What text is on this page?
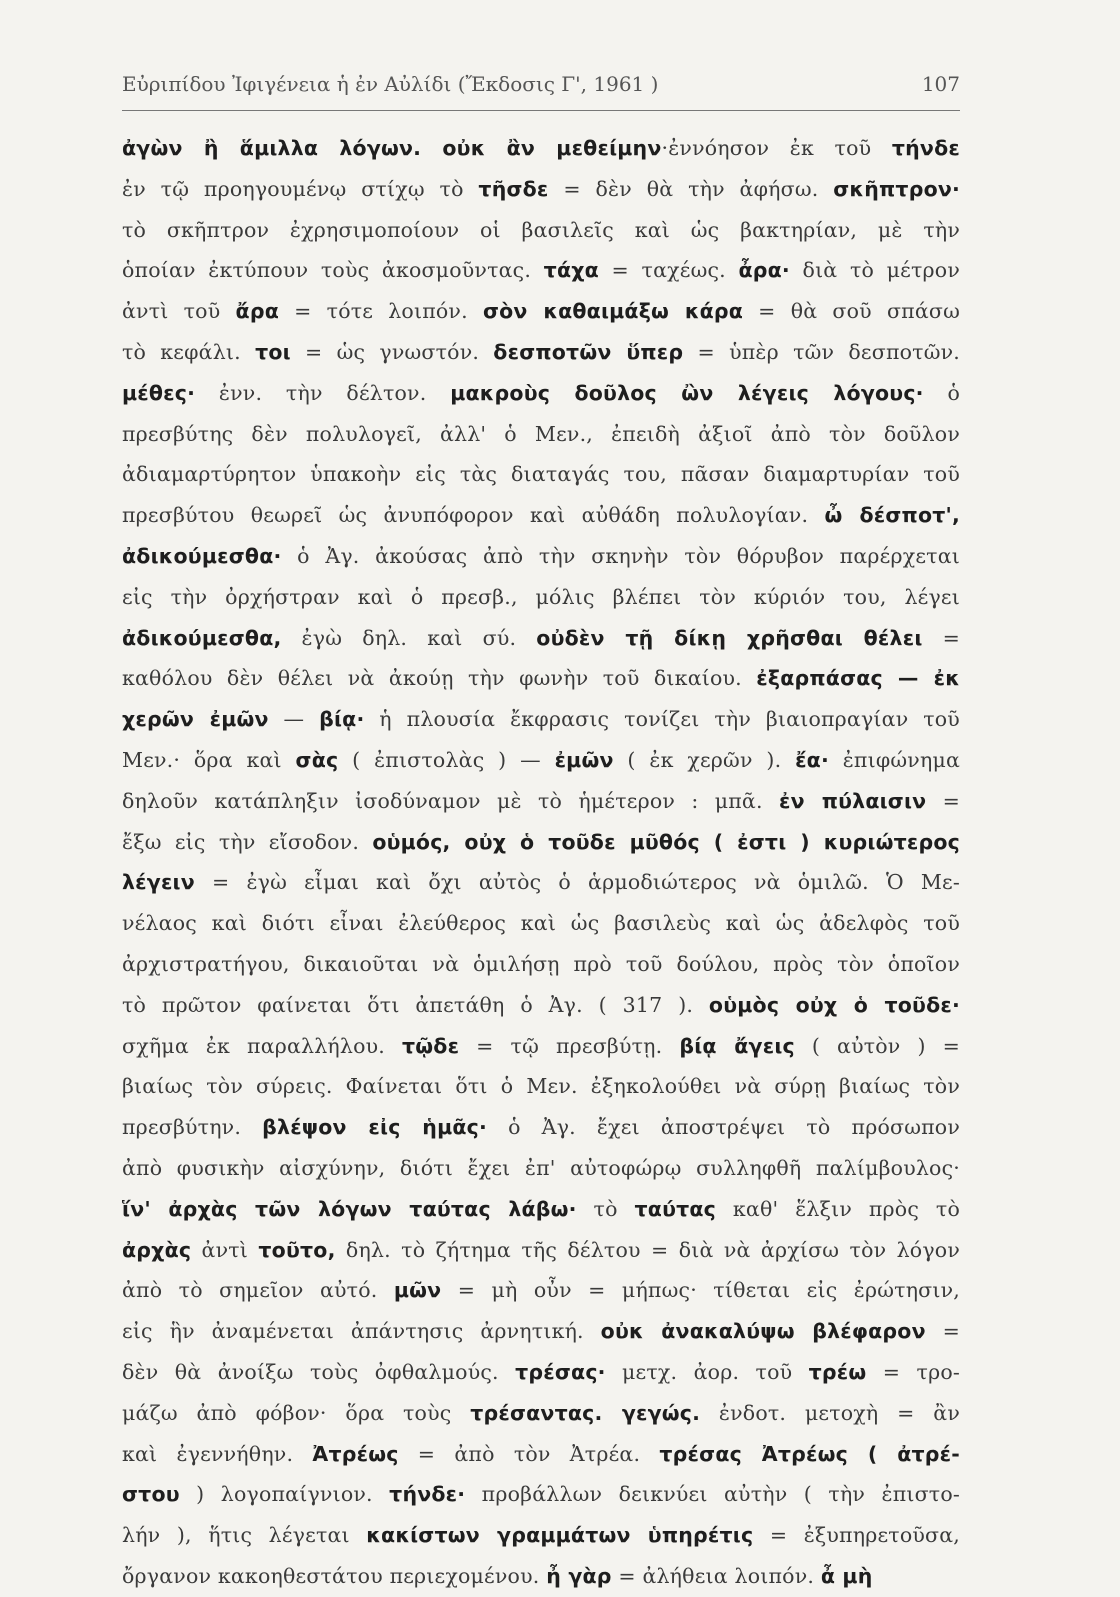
Εὐριπίδου Ἰφιγένεια ἡ ἐν Αὐλίδι (Ἔκδοσις Γ', 1961 )	107
ἀγὼν ἢ ἅμιλλα λόγων. οὐκ ἂν μεθείμην·ἐννόησον ἐκ τοῦ τήνδε
ἐν τῷ προηγουμένῳ στίχῳ τὸ τῆσδε = δὲν θὰ τὴν ἀφήσω. σκῆπτρον·
τὸ σκῆπτρον ἐχρησιμοποίουν οἱ βασιλεῖς καὶ ὡς βακτηρίαν, μὲ τὴν
ὁποίαν ἐκτύπουν τοὺς ἀκοσμοῦντας. τάχα = ταχέως. ἆρα· διὰ τὸ μέτρον
ἀντὶ τοῦ ἄρα = τότε λοιπόν. σὸν καθαιμάξω κάρα = θὰ σοῦ σπάσω
τὸ κεφάλι. τοι = ὡς γνωστόν. δεσποτῶν ὕπερ = ὑπὲρ τῶν δεσποτῶν.
μέθες· ἐνν. τὴν δέλτον. μακροὺς δοῦλος ὢν λέγεις λόγους· ὁ
πρεσβύτης δὲν πολυλογεῖ, ἀλλ' ὁ Μεν., ἐπειδὴ ἀξιοῖ ἀπὸ τὸν δοῦλον
ἀδιαμαρτύρητον ὑπακοὴν εἰς τὰς διαταγάς του, πᾶσαν διαμαρτυρίαν τοῦ
πρεσβύτου θεωρεῖ ὡς ἀνυπόφορον καὶ αὐθάδη πολυλογίαν. ὦ δέσποτ',
ἀδικούμεσθα· ὁ Ἀγ. ἀκούσας ἀπὸ τὴν σκηνὴν τὸν θόρυβον παρέρχεται
εἰς τὴν ὀρχήστραν καὶ ὁ πρεσβ., μόλις βλέπει τὸν κύριόν του, λέγει
ἀδικούμεσθα, ἐγὼ δηλ. καὶ σύ. οὐδὲν τῇ δίκῃ χρῆσθαι θέλει =
καθόλου δὲν θέλει νὰ ἀκούῃ τὴν φωνὴν τοῦ δικαίου. ἐξαρπάσας — ἐκ
χερῶν ἐμῶν — βίᾳ· ἡ πλουσία ἔκφρασις τονίζει τὴν βιαιοπραγίαν τοῦ
Μεν.· ὅρα καὶ σὰς ( ἐπιστολὰς ) — ἐμῶν ( ἐκ χερῶν ). ἔα· ἐπιφώνημα
δηλοῦν κατάπληξιν ἰσοδύναμον μὲ τὸ ἡμέτερον : μπᾶ. ἐν πύλαισιν =
ἔξω εἰς τὴν εἴσοδον. οὑμός, οὐχ ὁ τοῦδε μῦθός ( ἐστι ) κυριώτερος
λέγειν = ἐγὼ εἶμαι καὶ ὄχι αὐτὸς ὁ ἁρμοδιώτερος νὰ ὁμιλῶ. Ὁ Με-
νέλαος καὶ διότι εἶναι ἐλεύθερος καὶ ὡς βασιλεὺς καὶ ὡς ἀδελφὸς τοῦ
ἀρχιστρατήγου, δικαιοῦται νὰ ὁμιλήσῃ πρὸ τοῦ δούλου, πρὸς τὸν ὁποῖον
τὸ πρῶτον φαίνεται ὅτι ἀπετάθη ὁ Ἀγ. ( 317 ). οὑμὸς οὐχ ὁ τοῦδε·
σχῆμα ἐκ παραλλήλου. τῷδε = τῷ πρεσβύτῃ. βίᾳ ἄγεις ( αὐτὸν ) =
βιαίως τὸν σύρεις. Φαίνεται ὅτι ὁ Μεν. ἐξηκολούθει νὰ σύρῃ βιαίως τὸν
πρεσβύτην. βλέψον εἰς ἡμᾶς· ὁ Ἀγ. ἔχει ἀποστρέψει τὸ πρόσωπον
ἀπὸ φυσικὴν αἰσχύνην, διότι ἔχει ἐπ' αὐτοφώρῳ συλληφθῆ παλίμβουλος·
ἵν' ἀρχὰς τῶν λόγων ταύτας λάβω· τὸ ταύτας καθ' ἕλξιν πρὸς τὸ
ἀρχὰς ἀντὶ τοῦτο, δηλ. τὸ ζήτημα τῆς δέλτου = διὰ νὰ ἀρχίσω τὸν λόγον
ἀπὸ τὸ σημεῖον αὐτό. μῶν = μὴ οὖν = μήπως· τίθεται εἰς ἐρώτησιν,
εἰς ἣν ἀναμένεται ἀπάντησις ἀρνητική. οὐκ ἀνακαλύψω βλέφαρον =
δὲν θὰ ἀνοίξω τοὺς ὀφθαλμούς. τρέσας· μετχ. ἀορ. τοῦ τρέω = τρο-
μάζω ἀπὸ φόβον· ὅρα τοὺς τρέσαντας. γεγώς. ἐνδοτ. μετοχὴ = ἂν
καὶ ἐγεννήθην. Ἀτρέως = ἀπὸ τὸν Ἀτρέα. τρέσας Ἀτρέως ( ἀτρέ-
στου ) λογοπαίγνιον. τήνδε· προβάλλων δεικνύει αὐτὴν ( τὴν ἐπιστο-
λήν ), ἥτις λέγεται κακίστων γραμμάτων ὑπηρέτις = ἐξυπηρετοῦσα,
ὄργανον κακοηθεστάτου περιεχομένου. ἦ γὰρ = ἀλήθεια λοιπόν. ἆ μὴ
